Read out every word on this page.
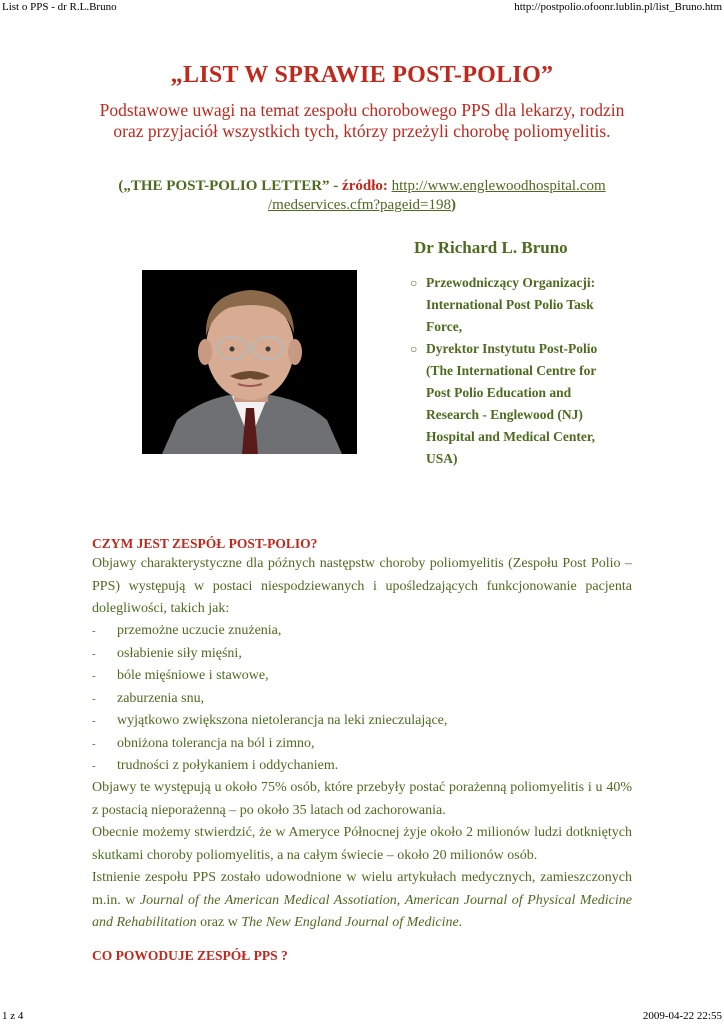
List o PPS - dr R.L.Bruno	http://postpolio.ofoonr.lublin.pl/list_Bruno.htm
„LIST W SPRAWIE POST-POLIO”
Podstawowe uwagi na temat zespołu chorobowego PPS dla lekarzy, rodzin oraz przyjaciół wszystkich tych, którzy przeżyli chorobę poliomyelitis.
(„THE POST-POLIO LETTER” - źródło: http://www.englewoodhospital.com /medservices.cfm?pageid=198)
Dr Richard L. Bruno
○ Przewodniczący Organizacji: International Post Polio Task Force,
○ Dyrektor Instytutu Post-Polio (The International Centre for Post Polio Education and Research - Englewood (NJ) Hospital and Medical Center, USA)
CZYM JEST ZESPÓŁ POST-POLIO?
Objawy charakterystyczne dla późnych następstw choroby poliomyelitis (Zespołu Post Polio – PPS) występują w postaci niespodziewanych i upośledzających funkcjonowanie pacjenta dolegliwości, takich jak:
- przemożne uczucie znużenia,
- osłabienie siły mięśni,
- bóle mięśniowe i stawowe,
- zaburzenia snu,
- wyjątkowo zwiększona nietolerancja na leki znieczulające,
- obniżona tolerancja na ból i zimno,
- trudności z połykaniem i oddychaniem.
Objawy te występują u około 75% osób, które przebyły postać porażenną poliomyelitis i u 40% z postacią nieporażenną – po około 35 latach od zachorowania.
Obecnie możemy stwierdzić, że w Ameryce Północnej żyje około 2 milionów ludzi dotkniętych skutkami choroby poliomyelitis, a na całym świecie – około 20 milionów osób.
Istnienie zespołu PPS zostało udowodnione w wielu artykułach medycznych, zamieszczonych m.in. w Journal of the American Medical Assotiation, American Journal of Physical Medicine and Rehabilitation oraz w The New England Journal of Medicine.
CO POWODUJE ZESPÓŁ PPS ?
1 z 4	2009-04-22 22:55
